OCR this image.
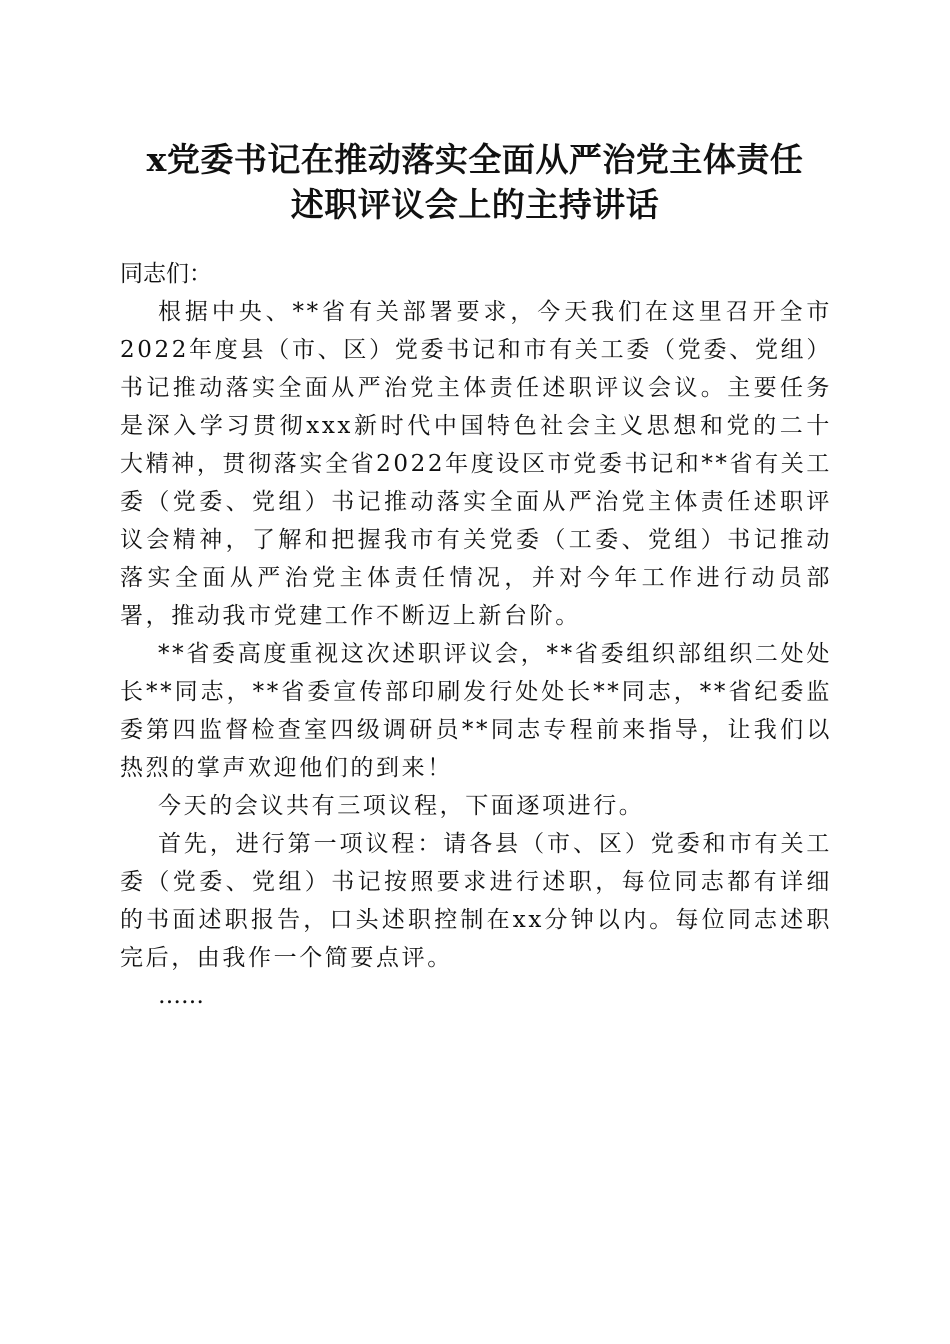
x党委书记在推动落实全面从严治党主体责任
述职评议会上的主持讲话

同志们：

根据中央、**省有关部署要求，今天我们在这里召开全市2022年度县（市、区）党委书记和市有关工委（党委、党组）书记推动落实全面从严治党主体责任述职评议会议。主要任务是深入学习贯彻xxx新时代中国特色社会主义思想和党的二十大精神，贯彻落实全省2022年度设区市党委书记和**省有关工委（党委、党组）书记推动落实全面从严治党主体责任述职评议会精神，了解和把握我市有关党委（工委、党组）书记推动落实全面从严治党主体责任情况，并对今年工作进行动员部署，推动我市党建工作不断迈上新台阶。

**省委高度重视这次述职评议会，**省委组织部组织二处处长**同志，**省委宣传部印刷发行处处长**同志，**省纪委监委第四监督检查室四级调研员**同志专程前来指导，让我们以热烈的掌声欢迎他们的到来！

今天的会议共有三项议程，下面逐项进行。

首先，进行第一项议程：请各县（市、区）党委和市有关工委（党委、党组）书记按照要求进行述职，每位同志都有详细的书面述职报告，口头述职控制在xx分钟以内。每位同志述职完后，由我作一个简要点评。

……
